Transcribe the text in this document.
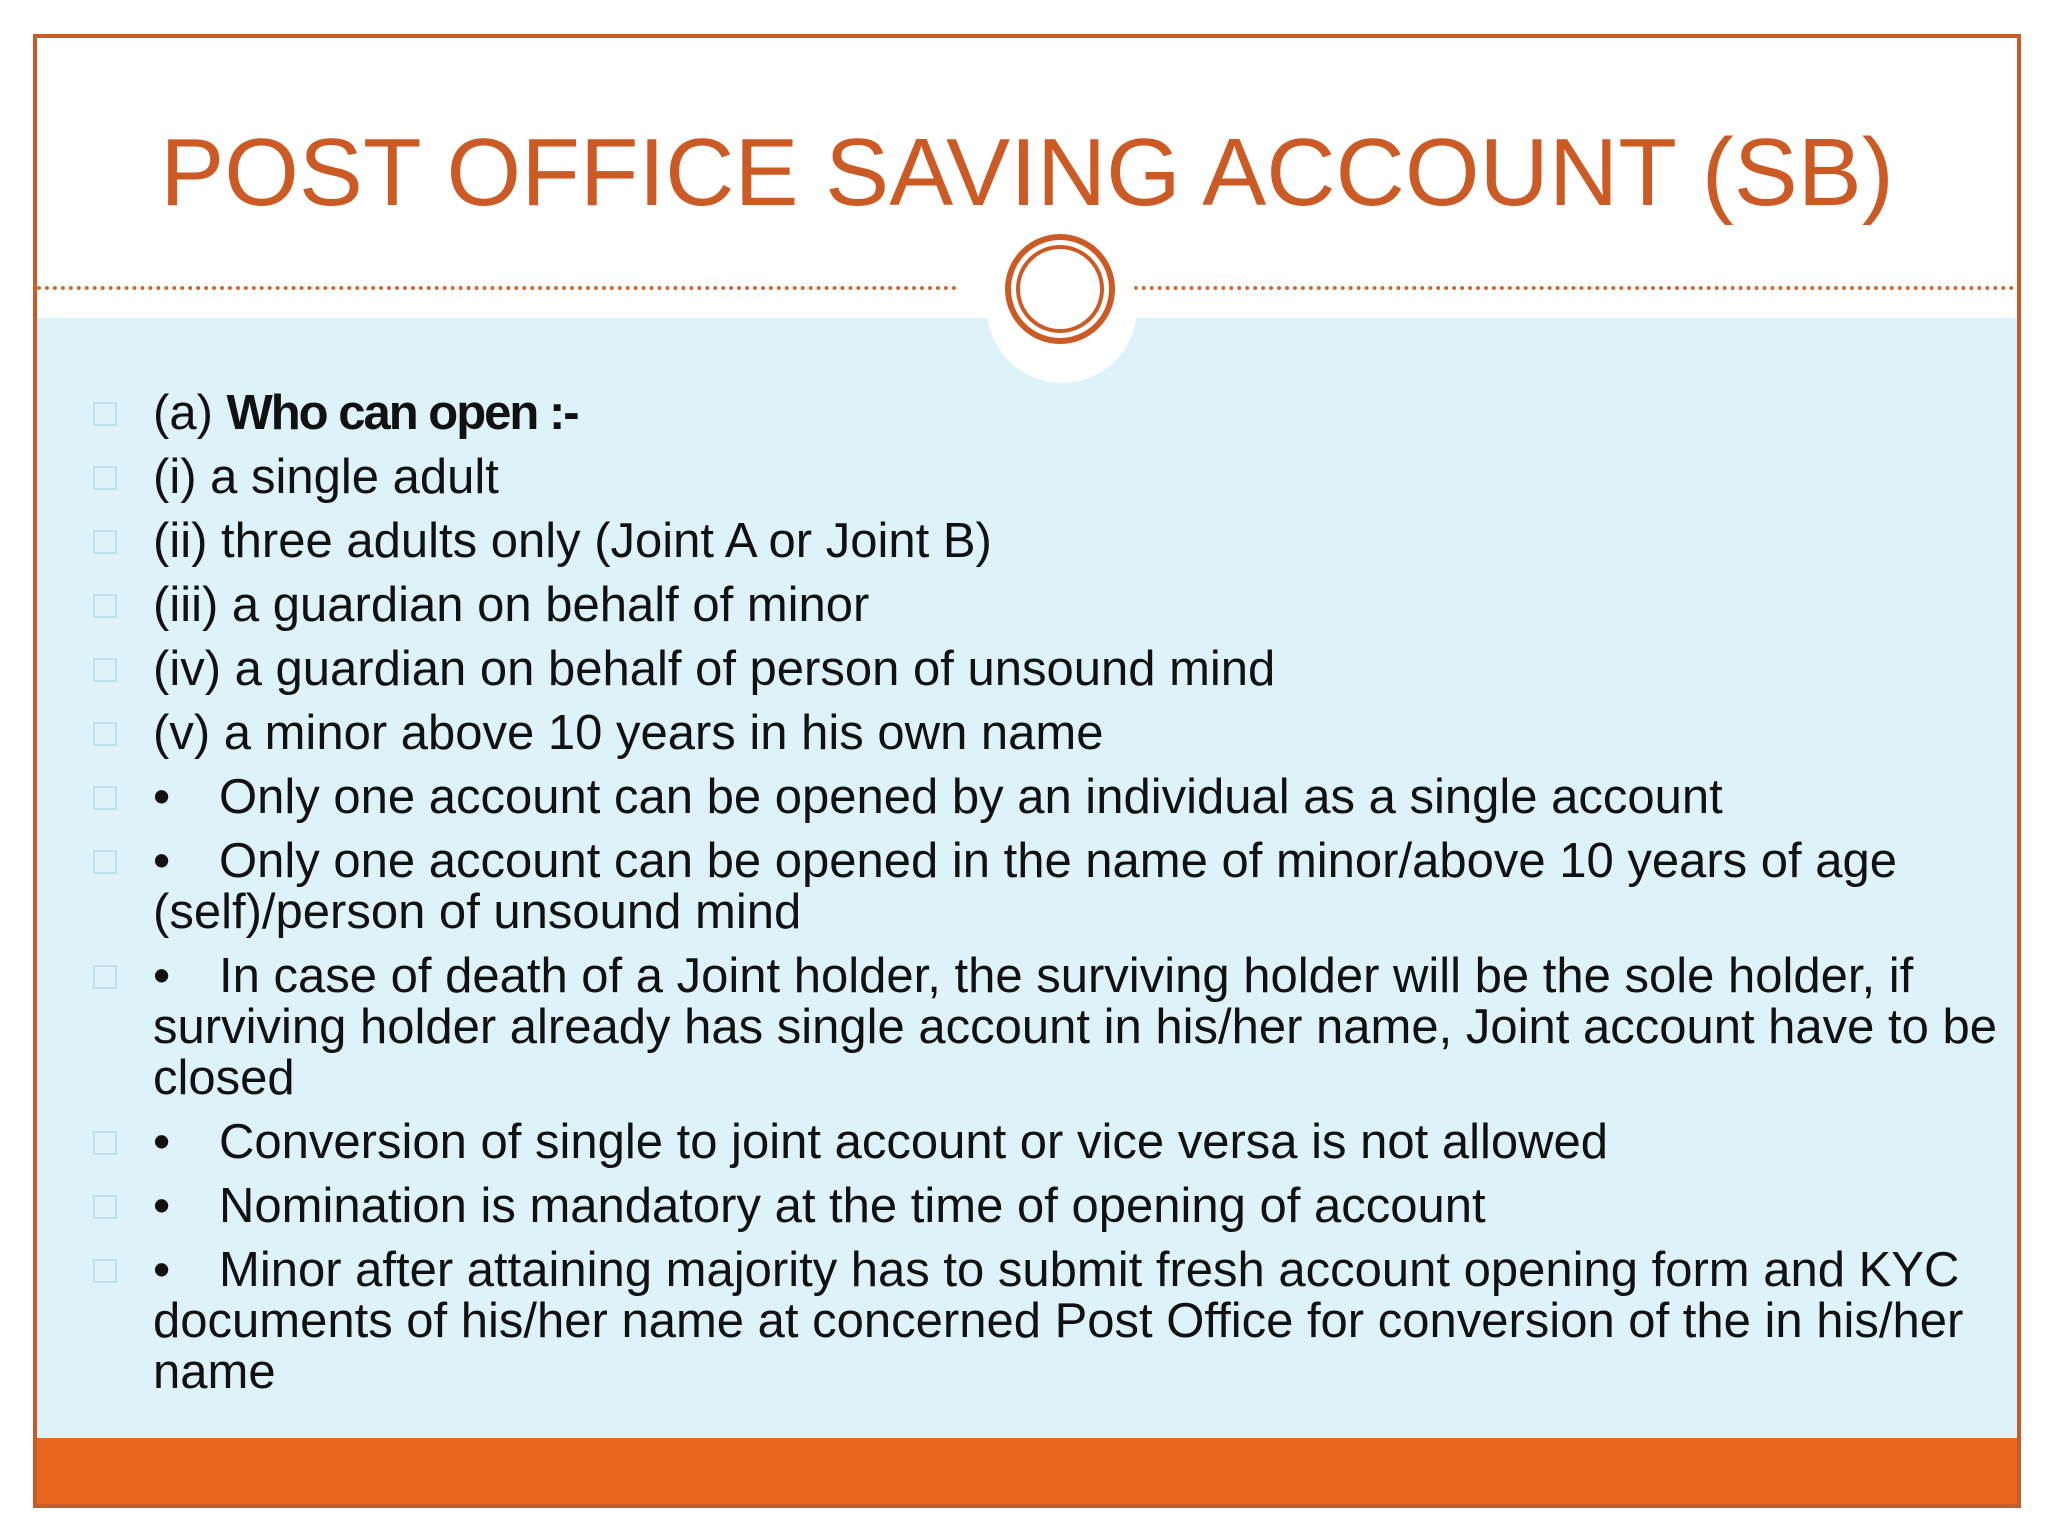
POST OFFICE SAVING ACCOUNT (SB)
(a) Who can open :-
(i) a single adult
(ii) three adults only (Joint A or Joint B)
(iii) a guardian on behalf of minor
(iv) a guardian on behalf of person of unsound mind
(v) a minor above 10 years in his own name
• Only one account can be opened by an individual as a single account
• Only one account can be opened in the name of minor/above 10 years of age (self)/person of unsound mind
• In case of death of a Joint holder, the surviving holder will be the sole holder, if surviving holder already has single account in his/her name, Joint account have to be closed
• Conversion of single to joint account or vice versa is not allowed
• Nomination is mandatory at the time of opening of account
• Minor after attaining majority has to submit fresh account opening form and KYC documents of his/her name at concerned Post Office for conversion of the in his/her name
